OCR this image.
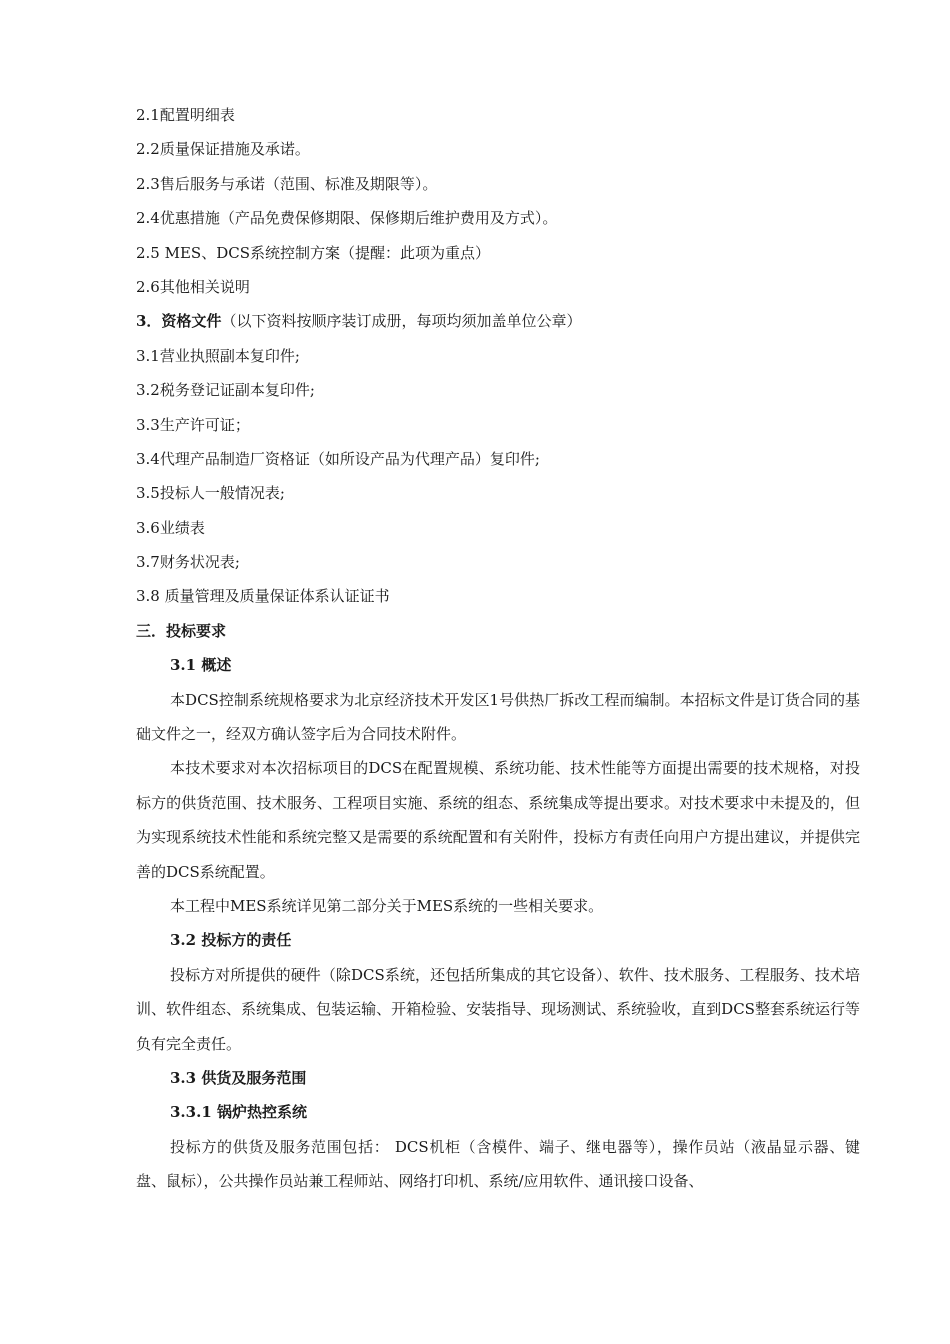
2.1配置明细表
2.2质量保证措施及承诺。
2.3售后服务与承诺（范围、标准及期限等）。
2.4优惠措施（产品免费保修期限、保修期后维护费用及方式）。
2.5 MES、DCS系统控制方案（提醒：此项为重点）
2.6其他相关说明
3．资格文件（以下资料按顺序装订成册，每项均须加盖单位公章）
3.1营业执照副本复印件;
3.2税务登记证副本复印件;
3.3生产许可证；
3.4代理产品制造厂资格证（如所设产品为代理产品）复印件;
3.5投标人一般情况表;
3.6业绩表
3.7财务状况表;
3.8 质量管理及质量保证体系认证证书
三．投标要求
3.1 概述

本DCS控制系统规格要求为北京经济技术开发区1号供热厂拆改工程而编制。本招标文件是订货合同的基础文件之一，经双方确认签字后为合同技术附件。

本技术要求对本次招标项目的DCS在配置规模、系统功能、技术性能等方面提出需要的技术规格，对投标方的供货范围、技术服务、工程项目实施、系统的组态、系统集成等提出要求。对技术要求中未提及的，但为实现系统技术性能和系统完整又是需要的系统配置和有关附件，投标方有责任向用户方提出建议，并提供完善的DCS系统配置。

本工程中MES系统详见第二部分关于MES系统的一些相关要求。

3.2 投标方的责任

投标方对所提供的硬件（除DCS系统，还包括所集成的其它设备）、软件、技术服务、工程服务、技术培训、软件组态、系统集成、包装运输、开箱检验、安装指导、现场测试、系统验收，直到DCS整套系统运行等负有完全责任。

3.3 供货及服务范围
3.3.1 锅炉热控系统

投标方的供货及服务范围包括： DCS机柜（含模件、端子、继电器等），操作员站（液晶显示器、键盘、鼠标），公共操作员站兼工程师站、网络打印机、系统/应用软件、通讯接口设备、
